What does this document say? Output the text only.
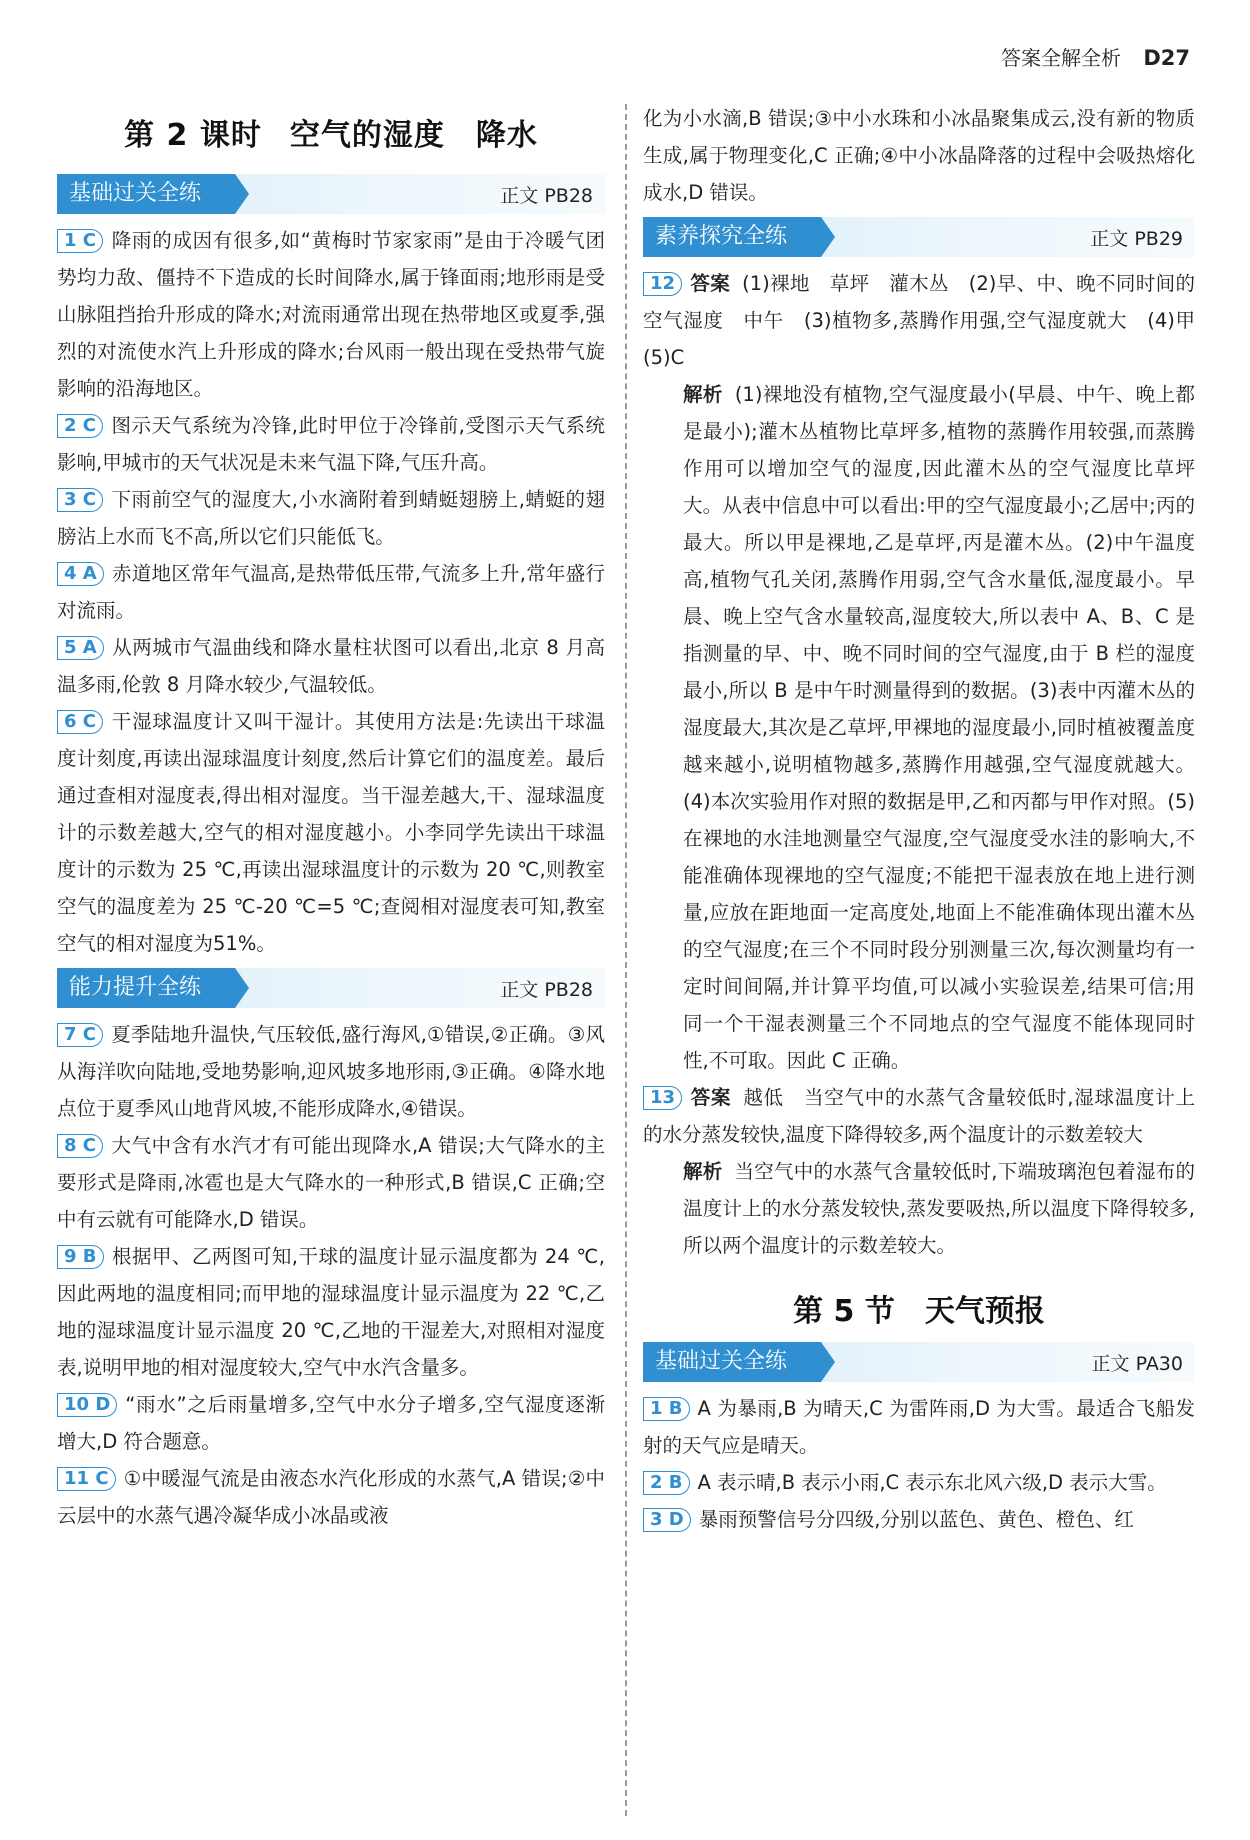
答案全解全析 D27
第 2 课时 空气的湿度　降水
基础过关全练	正文 PB28

1 C 降雨的成因有很多,如“黄梅时节家家雨”是由于冷暖气团势均力敌、僵持不下造成的长时间降水,属于锋面雨;地形雨是受山脉阻挡抬升形成的降水;对流雨通常出现在热带地区或夏季,强烈的对流使水汽上升形成的降水;台风雨一般出现在受热带气旋影响的沿海地区。

2 C 图示天气系统为冷锋,此时甲位于冷锋前,受图示天气系统影响,甲城市的天气状况是未来气温下降,气压升高。

3 C 下雨前空气的湿度大,小水滴附着到蜻蜓翅膀上,蜻蜓的翅膀沾上水而飞不高,所以它们只能低飞。

4 A 赤道地区常年气温高,是热带低压带,气流多上升,常年盛行对流雨。

5 A 从两城市气温曲线和降水量柱状图可以看出,北京 8 月高温多雨,伦敦 8 月降水较少,气温较低。

6 C 干湿球温度计又叫干湿计。其使用方法是:先读出干球温度计刻度,再读出湿球温度计刻度,然后计算它们的温度差。最后通过查相对湿度表,得出相对湿度。当干湿差越大,干、湿球温度计的示数差越大,空气的相对湿度越小。小李同学先读出干球温度计的示数为 25 ℃,再读出湿球温度计的示数为 20 ℃,则教室空气的温度差为 25 ℃-20 ℃=5 ℃;查阅相对湿度表可知,教室空气的相对湿度为51%。

能力提升全练	正文 PB28

7 C 夏季陆地升温快,气压较低,盛行海风,①错误,②正确。③风从海洋吹向陆地,受地势影响,迎风坡多地形雨,③正确。④降水地点位于夏季风山地背风坡,不能形成降水,④错误。

8 C 大气中含有水汽才有可能出现降水,A 错误;大气降水的主要形式是降雨,冰雹也是大气降水的一种形式,B 错误,C 正确;空中有云就有可能降水,D 错误。

9 B 根据甲、乙两图可知,干球的温度计显示温度都为 24 ℃,因此两地的温度相同;而甲地的湿球温度计显示温度为 22 ℃,乙地的湿球温度计显示温度 20 ℃,乙地的干湿差大,对照相对湿度表,说明甲地的相对湿度较大,空气中水汽含量多。

10 D “雨水”之后雨量增多,空气中水分子增多,空气湿度逐渐增大,D 符合题意。

11 C ①中暖湿气流是由液态水汽化形成的水蒸气,A 错误;②中云层中的水蒸气遇冷凝华成小冰晶或液

化为小水滴,B 错误;③中小水珠和小冰晶聚集成云,没有新的物质生成,属于物理变化,C 正确;④中小冰晶降落的过程中会吸热熔化成水,D 错误。

素养探究全练	正文 PB29

12 答案 (1)裸地　草坪　灌木丛　(2)早、中、晚不同时间的空气湿度　中午　(3)植物多,蒸腾作用强,空气湿度就大　(4)甲　(5)C

解析 (1)裸地没有植物,空气湿度最小(早晨、中午、晚上都是最小);灌木丛植物比草坪多,植物的蒸腾作用较强,而蒸腾作用可以增加空气的湿度,因此灌木丛的空气湿度比草坪大。从表中信息中可以看出:甲的空气湿度最小;乙居中;丙的最大。所以甲是裸地,乙是草坪,丙是灌木丛。(2)中午温度高,植物气孔关闭,蒸腾作用弱,空气含水量低,湿度最小。早晨、晚上空气含水量较高,湿度较大,所以表中 A、B、C 是指测量的早、中、晚不同时间的空气湿度,由于 B 栏的湿度最小,所以 B 是中午时测量得到的数据。(3)表中丙灌木丛的湿度最大,其次是乙草坪,甲裸地的湿度最小,同时植被覆盖度越来越小,说明植物越多,蒸腾作用越强,空气湿度就越大。(4)本次实验用作对照的数据是甲,乙和丙都与甲作对照。(5)在裸地的水洼地测量空气湿度,空气湿度受水洼的影响大,不能准确体现裸地的空气湿度;不能把干湿表放在地上进行测量,应放在距地面一定高度处,地面上不能准确体现出灌木丛的空气湿度;在三个不同时段分别测量三次,每次测量均有一定时间间隔,并计算平均值,可以减小实验误差,结果可信;用同一个干湿表测量三个不同地点的空气湿度不能体现同时性,不可取。因此 C 正确。

13 答案 越低　当空气中的水蒸气含量较低时,湿球温度计上的水分蒸发较快,温度下降得较多,两个温度计的示数差较大

解析 当空气中的水蒸气含量较低时,下端玻璃泡包着湿布的温度计上的水分蒸发较快,蒸发要吸热,所以温度下降得较多,所以两个温度计的示数差较大。

第 5 节　天气预报
基础过关全练	正文 PA30

1 B A 为暴雨,B 为晴天,C 为雷阵雨,D 为大雪。最适合飞船发射的天气应是晴天。

2 B A 表示晴,B 表示小雨,C 表示东北风六级,D 表示大雪。

3 D 暴雨预警信号分四级,分别以蓝色、黄色、橙色、红
